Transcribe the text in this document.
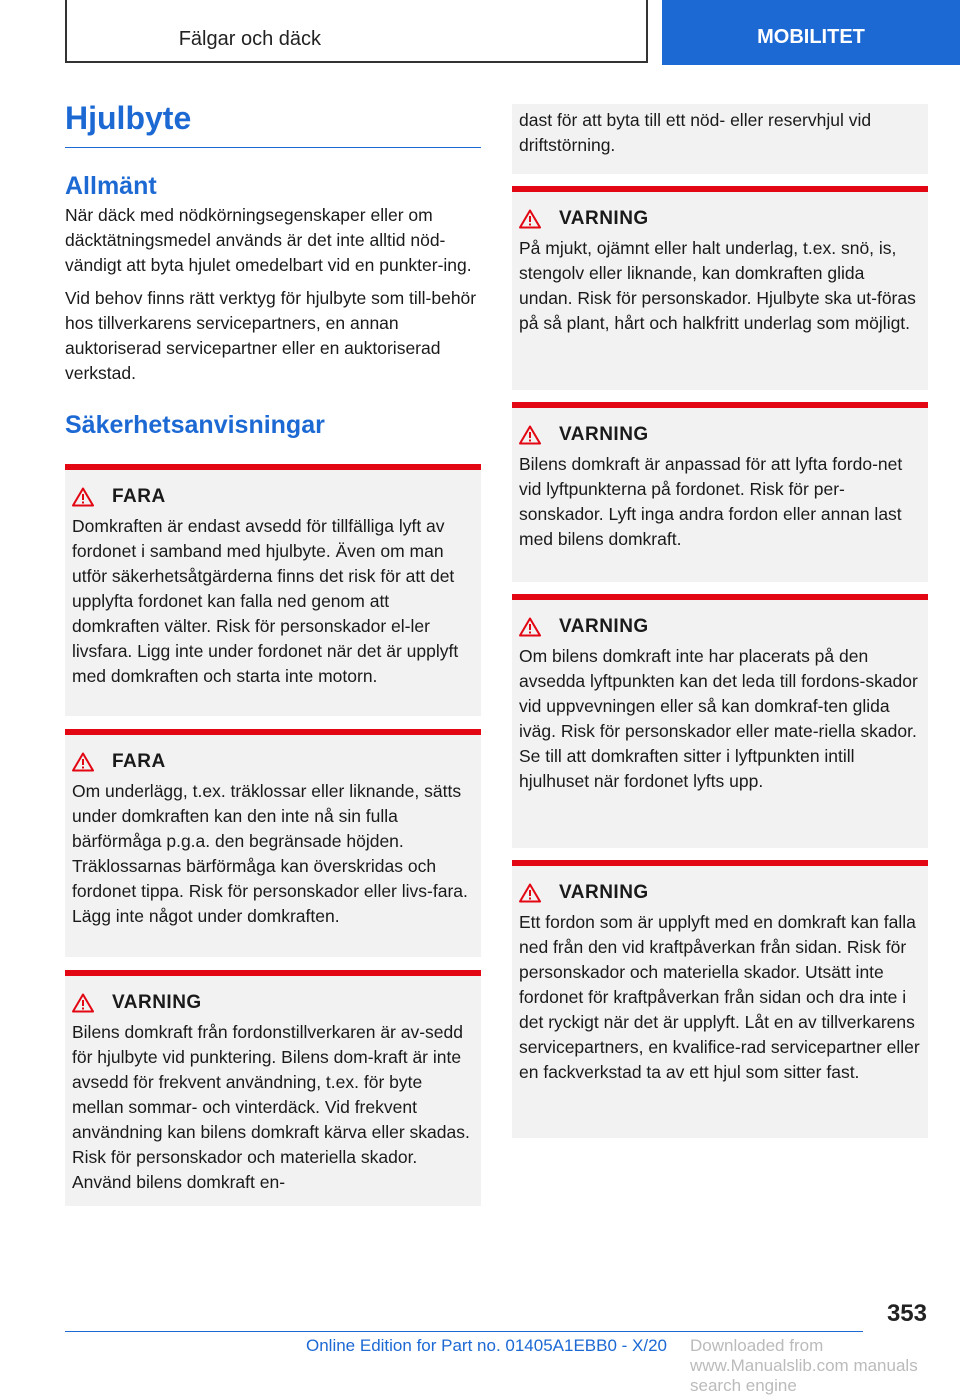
Fälgar och däck	MOBILITET
Hjulbyte
Allmänt

När däck med nödkörningsegenskaper eller om däcktätningsmedel används är det inte alltid nöd-vändigt att byta hjulet omedelbart vid en punkter-ing.

Vid behov finns rätt verktyg för hjulbyte som till-behör hos tillverkarens servicepartners, en annan auktoriserad servicepartner eller en auktoriserad verkstad.

Säkerhetsanvisningar
FARA

Domkraften är endast avsedd för tillfälliga lyft av fordonet i samband med hjulbyte. Även om man utför säkerhetsåtgärderna finns det risk för att det upplyfta fordonet kan falla ned genom att domkraften välter. Risk för personskador el-ler livsfara. Ligg inte under fordonet när det är upplyft med domkraften och starta inte motorn.

FARA

Om underlägg, t.ex. träklossar eller liknande, sätts under domkraften kan den inte nå sin fulla bärförmåga p.g.a. den begränsade höjden. Träklossarnas bärförmåga kan överskridas och fordonet tippa. Risk för personskador eller livs-fara. Lägg inte något under domkraften.

VARNING

Bilens domkraft från fordonstillverkaren är av-sedd för hjulbyte vid punktering. Bilens dom-kraft är inte avsedd för frekvent användning, t.ex. för byte mellan sommar- och vinterdäck. Vid frekvent användning kan bilens domkraft kärva eller skadas. Risk för personskador och materiella skador. Använd bilens domkraft en-

dast för att byta till ett nöd- eller reservhjul vid driftstörning.

VARNING

På mjukt, ojämnt eller halt underlag, t.ex. snö, is, stengolv eller liknande, kan domkraften glida undan. Risk för personskador. Hjulbyte ska ut-föras på så plant, hårt och halkfritt underlag som möjligt.

VARNING

Bilens domkraft är anpassad för att lyfta fordo-net vid lyftpunkterna på fordonet. Risk för per-sonskador. Lyft inga andra fordon eller annan last med bilens domkraft.

VARNING

Om bilens domkraft inte har placerats på den avsedda lyftpunkten kan det leda till fordons-skador vid uppvevningen eller så kan domkraf-ten glida iväg. Risk för personskador eller mate-riella skador. Se till att domkraften sitter i lyftpunkten intill hjulhuset när fordonet lyfts upp.

VARNING

Ett fordon som är upplyft med en domkraft kan falla ned från den vid kraftpåverkan från sidan. Risk för personskador och materiella skador. Utsätt inte fordonet för kraftpåverkan från sidan och dra inte i det ryckigt när det är upplyft. Låt en av tillverkarens servicepartners, en kvalifice-rad servicepartner eller en fackverkstad ta av ett hjul som sitter fast.

353
Online Edition for Part no. 01405A1EBB0 - X/20 Downloaded from www.Manualslib.com manuals search engine
